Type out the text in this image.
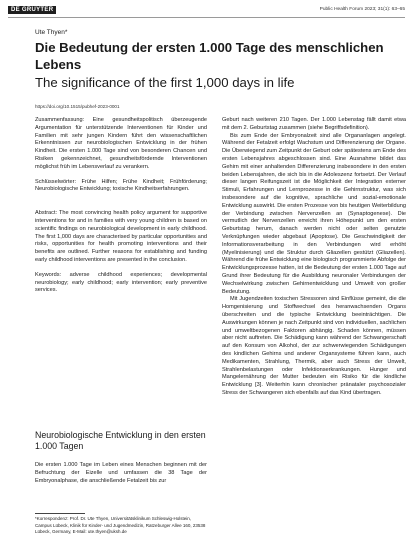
DE GRUYTER	Public Health Forum 2023; 31(1): 63–65
Ute Thyen*
Die Bedeutung der ersten 1.000 Tage des menschlichen Lebens
The significance of the first 1,000 days in life
https://doi.org/10.1515/pubhef-2023-0001

Zusammenfassung: Eine gesundheitspolitisch überzeugende Argumentation für unterstützende Interventionen für Kinder und Familien mit sehr jungen Kindern führt den wissenschaftlichen Erkenntnissen zur neurobiologischen Entwicklung in der frühen Kindheit. Die ersten 1.000 Tage sind von besonderen Chancen und Risiken gekennzeichnet, gesundheitsfördernde Interventionen möglichst früh im Lebensverlauf zu verankern.

Schlüsselwörter: Frühe Hilfen; Frühe Kindheit; Frühförderung; Neurobiologische Entwicklung; toxische Kindheitserfahrungen.

Abstract: The most convincing health policy argument for supportive interventions for and in families with very young children is based on scientific findings on neurobiological development in early childhood. The first 1,000 days are characterised by particular opportunities and risks, opportunities for health promoting interventions and their benefits are outlined. Further reasons for establishing and funding early childhood interventions are presented in the conclusion.

Keywords: adverse childhood experiences; developmental neurobiology; early childhood; early intervention; early preventive services.

Neurobiologische Entwicklung in den ersten 1.000 Tagen

Die ersten 1.000 Tage im Leben eines Menschen beginnen mit der Befruchtung der Eizelle und umfassen die 38 Tage der Embryonalphase, die anschließende Fetalzeit bis zur

*Korrespondenz: Prof. Dr. Ute Thyen, Universitätsklinikum Schleswig-Holstein, Campus Lübeck, Klinik für Kinder- und Jugendmedizin, Ratzeburger Allee 160, 23538 Lübeck, Germany, E-Mail: ute.thyen@uksh.de

Geburt nach weiteren 210 Tagen. Der 1.000 Lebenstag fällt damit etwa mit dem 2. Geburtstag zusammen (siehe Begriffsdefinition).

Bis zum Ende der Embryonalzeit sind alle Organanlagen angelegt. Während der Fetalzeit erfolgt Wachstum und Differenzierung der Organe. Die Überwiegend zum Zeitpunkt der Geburt oder spätestens am Ende des ersten Lebensjahres abgeschlossen sind. Eine Ausnahme bildet das Gehirn mit einer anhaltenden Differenzierung insbesondere in den ersten beiden Lebensjahren, die sich bis in die Adoleszenz fortsetzt. Der Verlauf dieser langen Reifungszeit ist die Möglichkeit der Integration externer Stimuli, Erfahrungen und Lernprozesse in die Gehirnstruktur, was sich insbesondere auf die kognitive, sprachliche und sozial-emotionale Entwicklung auswirkt. Die ersten Prozesse von bis heutigen Weiterbildung der Verbindung zwischen Nervenzellen an (Synaptogenese). Die vermutlich der Nervenzellen erreicht ihren Höhepunkt um den ersten Geburtstag herum, danach werden nicht oder selten genutzte Verknüpfungen wieder abgebaut (Apoptose). Die Geschwindigkeit der Informationsverarbeitung in den Verbindungen wird erhöht (Myelinisierung) und die Struktur durch Gliazellen gestützt (Gliazellen). Während die frühe Entwicklung eine biologisch programmierte Abfolge der Entwicklungsprozesse hatten, ist die Bedeutung der ersten 1.000 Tage auf Grund ihrer Bedeutung für die Ausbildung neuronaler Verbindungen der Wechselwirkung zwischen Gehirnentwicklung und Umwelt von großer Bedeutung.

Mit Jugendzeiten toxischen Stressoren sind Einflüsse gemeint, die die Homgenisierung und Stoffwechsel des heranwachsenden Organs überschreiten und die typische Entwicklung beeinträchtigen. Die Auswirkungen können je nach Zeitpunkt sind von individuellen, sachlichen und umweltbezogenen Faktoren abhängig. Schaden können, müssen aber nicht auftreten. Die Schädigung kann während der Schwangerschaft auf den Konsum von Alkohol, der zur schwerwiegenden Schädigungen des kindlichen Gehirns und anderer Organsysteme führen kann, auch Medikamenten, Strahlung, Thermik, aber auch Stress der Unwelt, Strahlenbelastungen oder Infektionserkrankungen. Hunger und Mangelernährung der Mutter bedeuten ein Risiko für die kindliche Entwicklung [3]. Weiterhin kann chronischer pränataler psychosozialer Stress der Schwangeren sich ebenfalls auf das Kind übertragen.
